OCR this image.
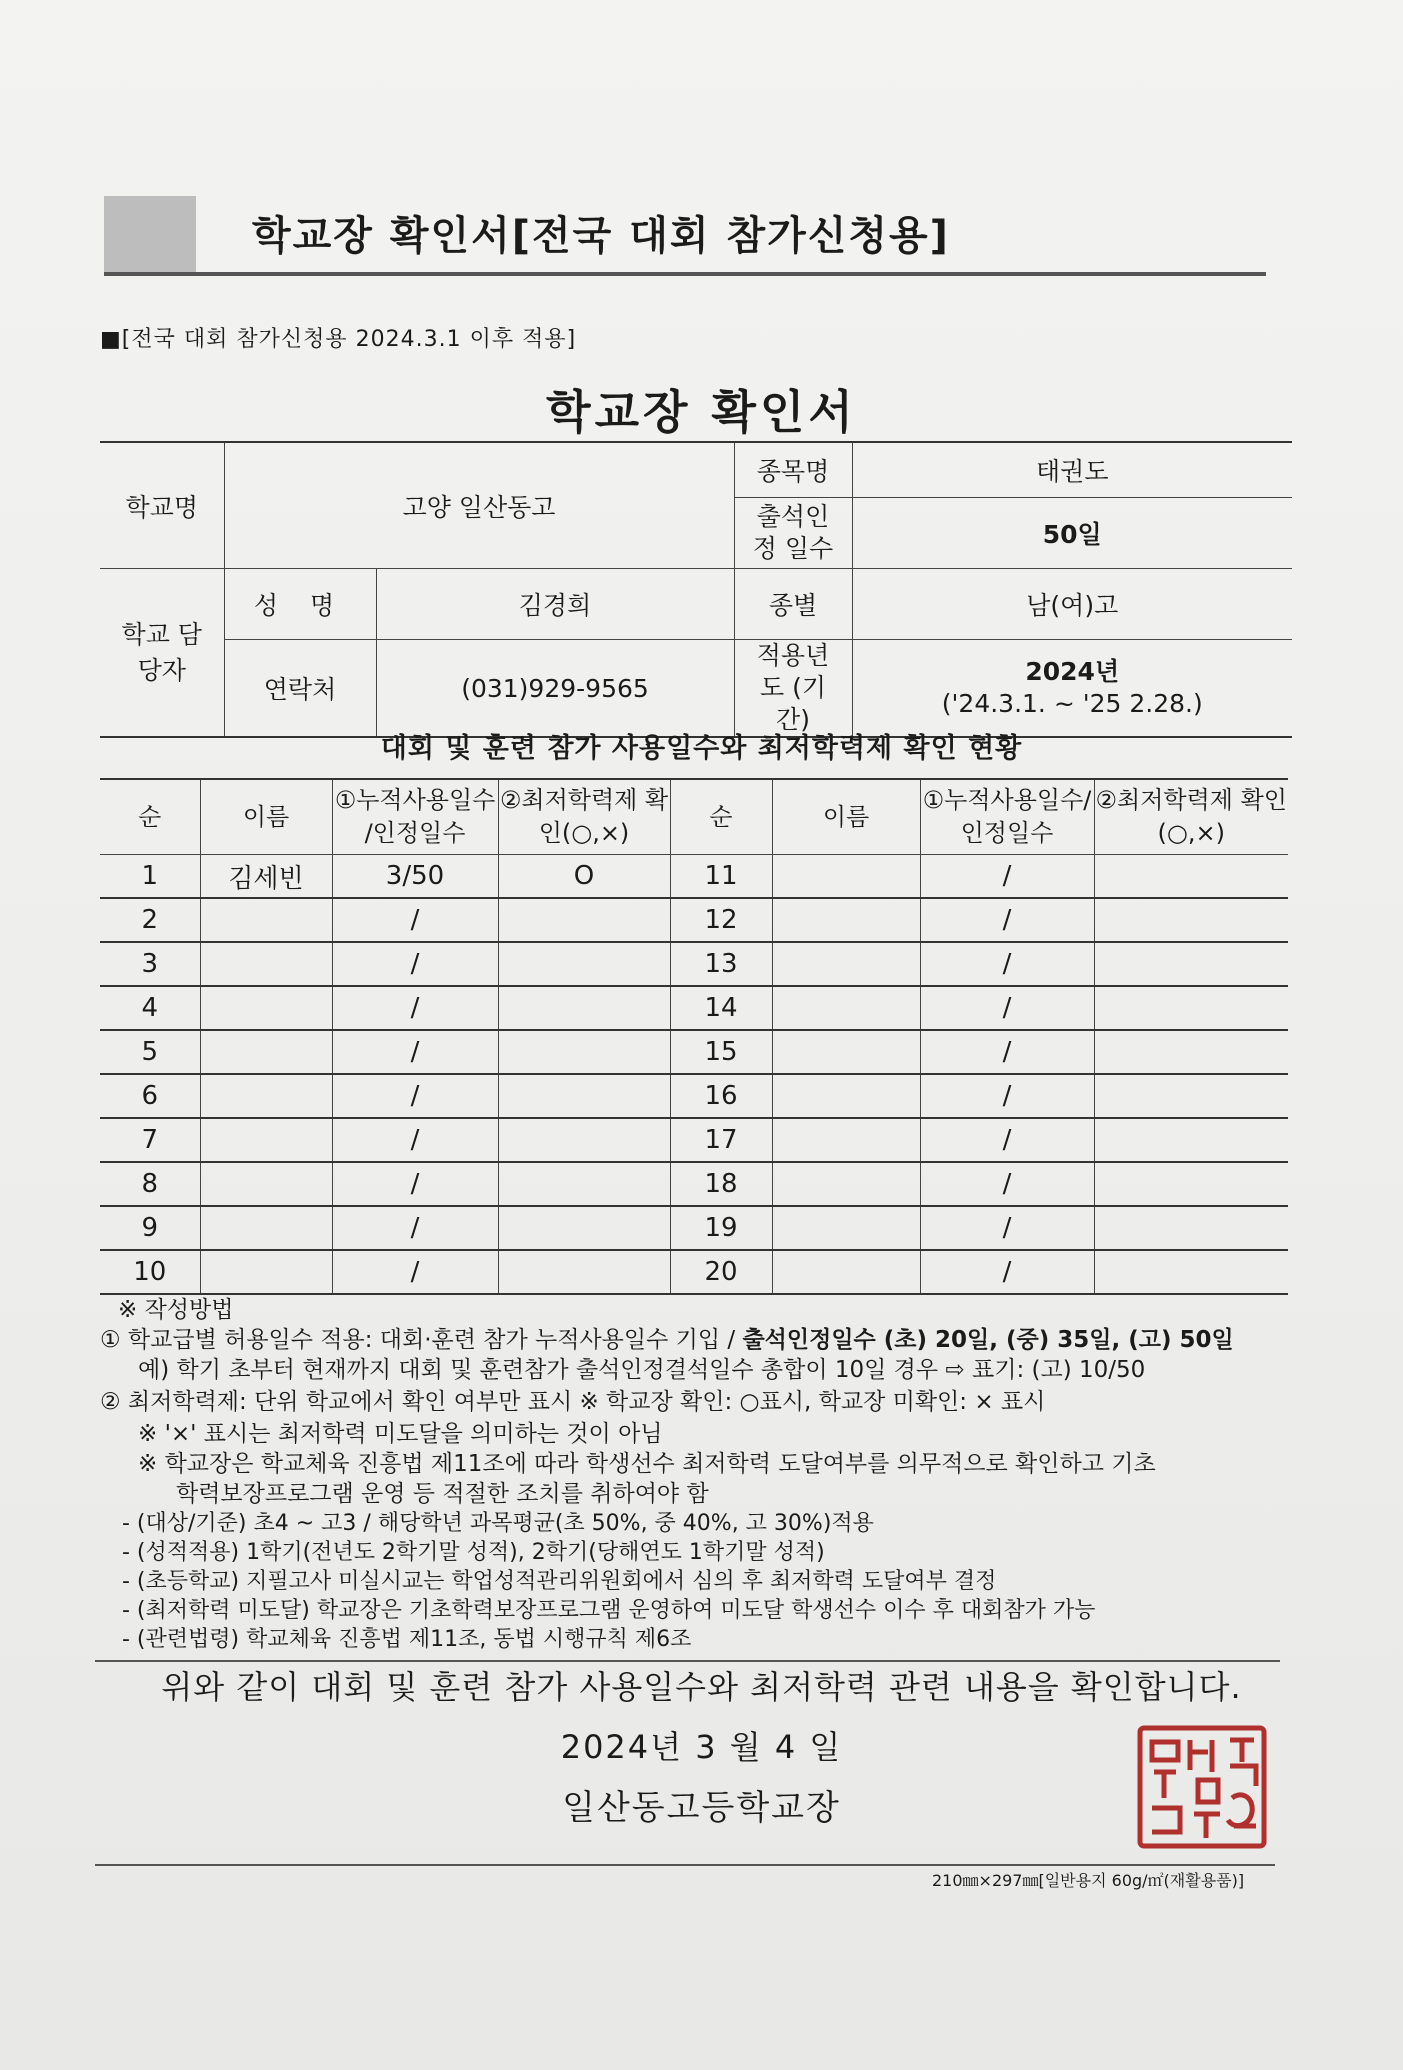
학교장 확인서[전국 대회 참가신청용]
■[전국 대회 참가신청용 2024.3.1 이후 적용]
학교장 확인서
학교명	고양 일산동고		종목명	태권도
			출석인정 일수	50일
학교 담당자	성 명	김경희	종별	남(여)고
	연락처	(031)929-9565	적용년도 (기간)	2024년
('24.3.1. ~ '25 2.28.)
대회 및 훈련 참가 사용일수와 최저학력제 확인 현황
순	이름	①누적사용일수 /인정일수	②최저학력제 확인(○,×)	순	이름	①누적사용일수/ 인정일수	②최저학력제 확인(○,×)
1	김세빈	3/50	O	11		/	
2		/		12		/	
3		/		13		/	
4		/		14		/	
5		/		15		/	
6		/		16		/	
7		/		17		/	
8		/		18		/	
9		/		19		/	
10		/		20		/	
※ 작성방법
① 학교급별 허용일수 적용: 대회·훈련 참가 누적사용일수 기입 / 출석인정일수 (초) 20일, (중) 35일, (고) 50일
예) 학기 초부터 현재까지 대회 및 훈련참가 출석인정결석일수 총합이 10일 경우 ⇨ 표기: (고) 10/50
② 최저학력제: 단위 학교에서 확인 여부만 표시 ※ 학교장 확인: ○표시, 학교장 미확인: × 표시
※ '×' 표시는 최저학력 미도달을 의미하는 것이 아님
※ 학교장은 학교체육 진흥법 제11조에 따라 학생선수 최저학력 도달여부를 의무적으로 확인하고 기초
학력보장프로그램 운영 등 적절한 조치를 취하여야 함
- (대상/기준) 초4 ~ 고3 / 해당학년 과목평균(초 50%, 중 40%, 고 30%)적용
- (성적적용) 1학기(전년도 2학기말 성적), 2학기(당해연도 1학기말 성적)
- (초등학교) 지필고사 미실시교는 학업성적관리위원회에서 심의 후 최저학력 도달여부 결정
- (최저학력 미도달) 학교장은 기초학력보장프로그램 운영하여 미도달 학생선수 이수 후 대회참가 가능
- (관련법령) 학교체육 진흥법 제11조, 동법 시행규칙 제6조
위와 같이 대회 및 훈련 참가 사용일수와 최저학력 관련 내용을 확인합니다.
2024년 3 월 4 일
일산동고등학교장
210㎜×297㎜[일반용지 60g/㎡(재활용품)]
